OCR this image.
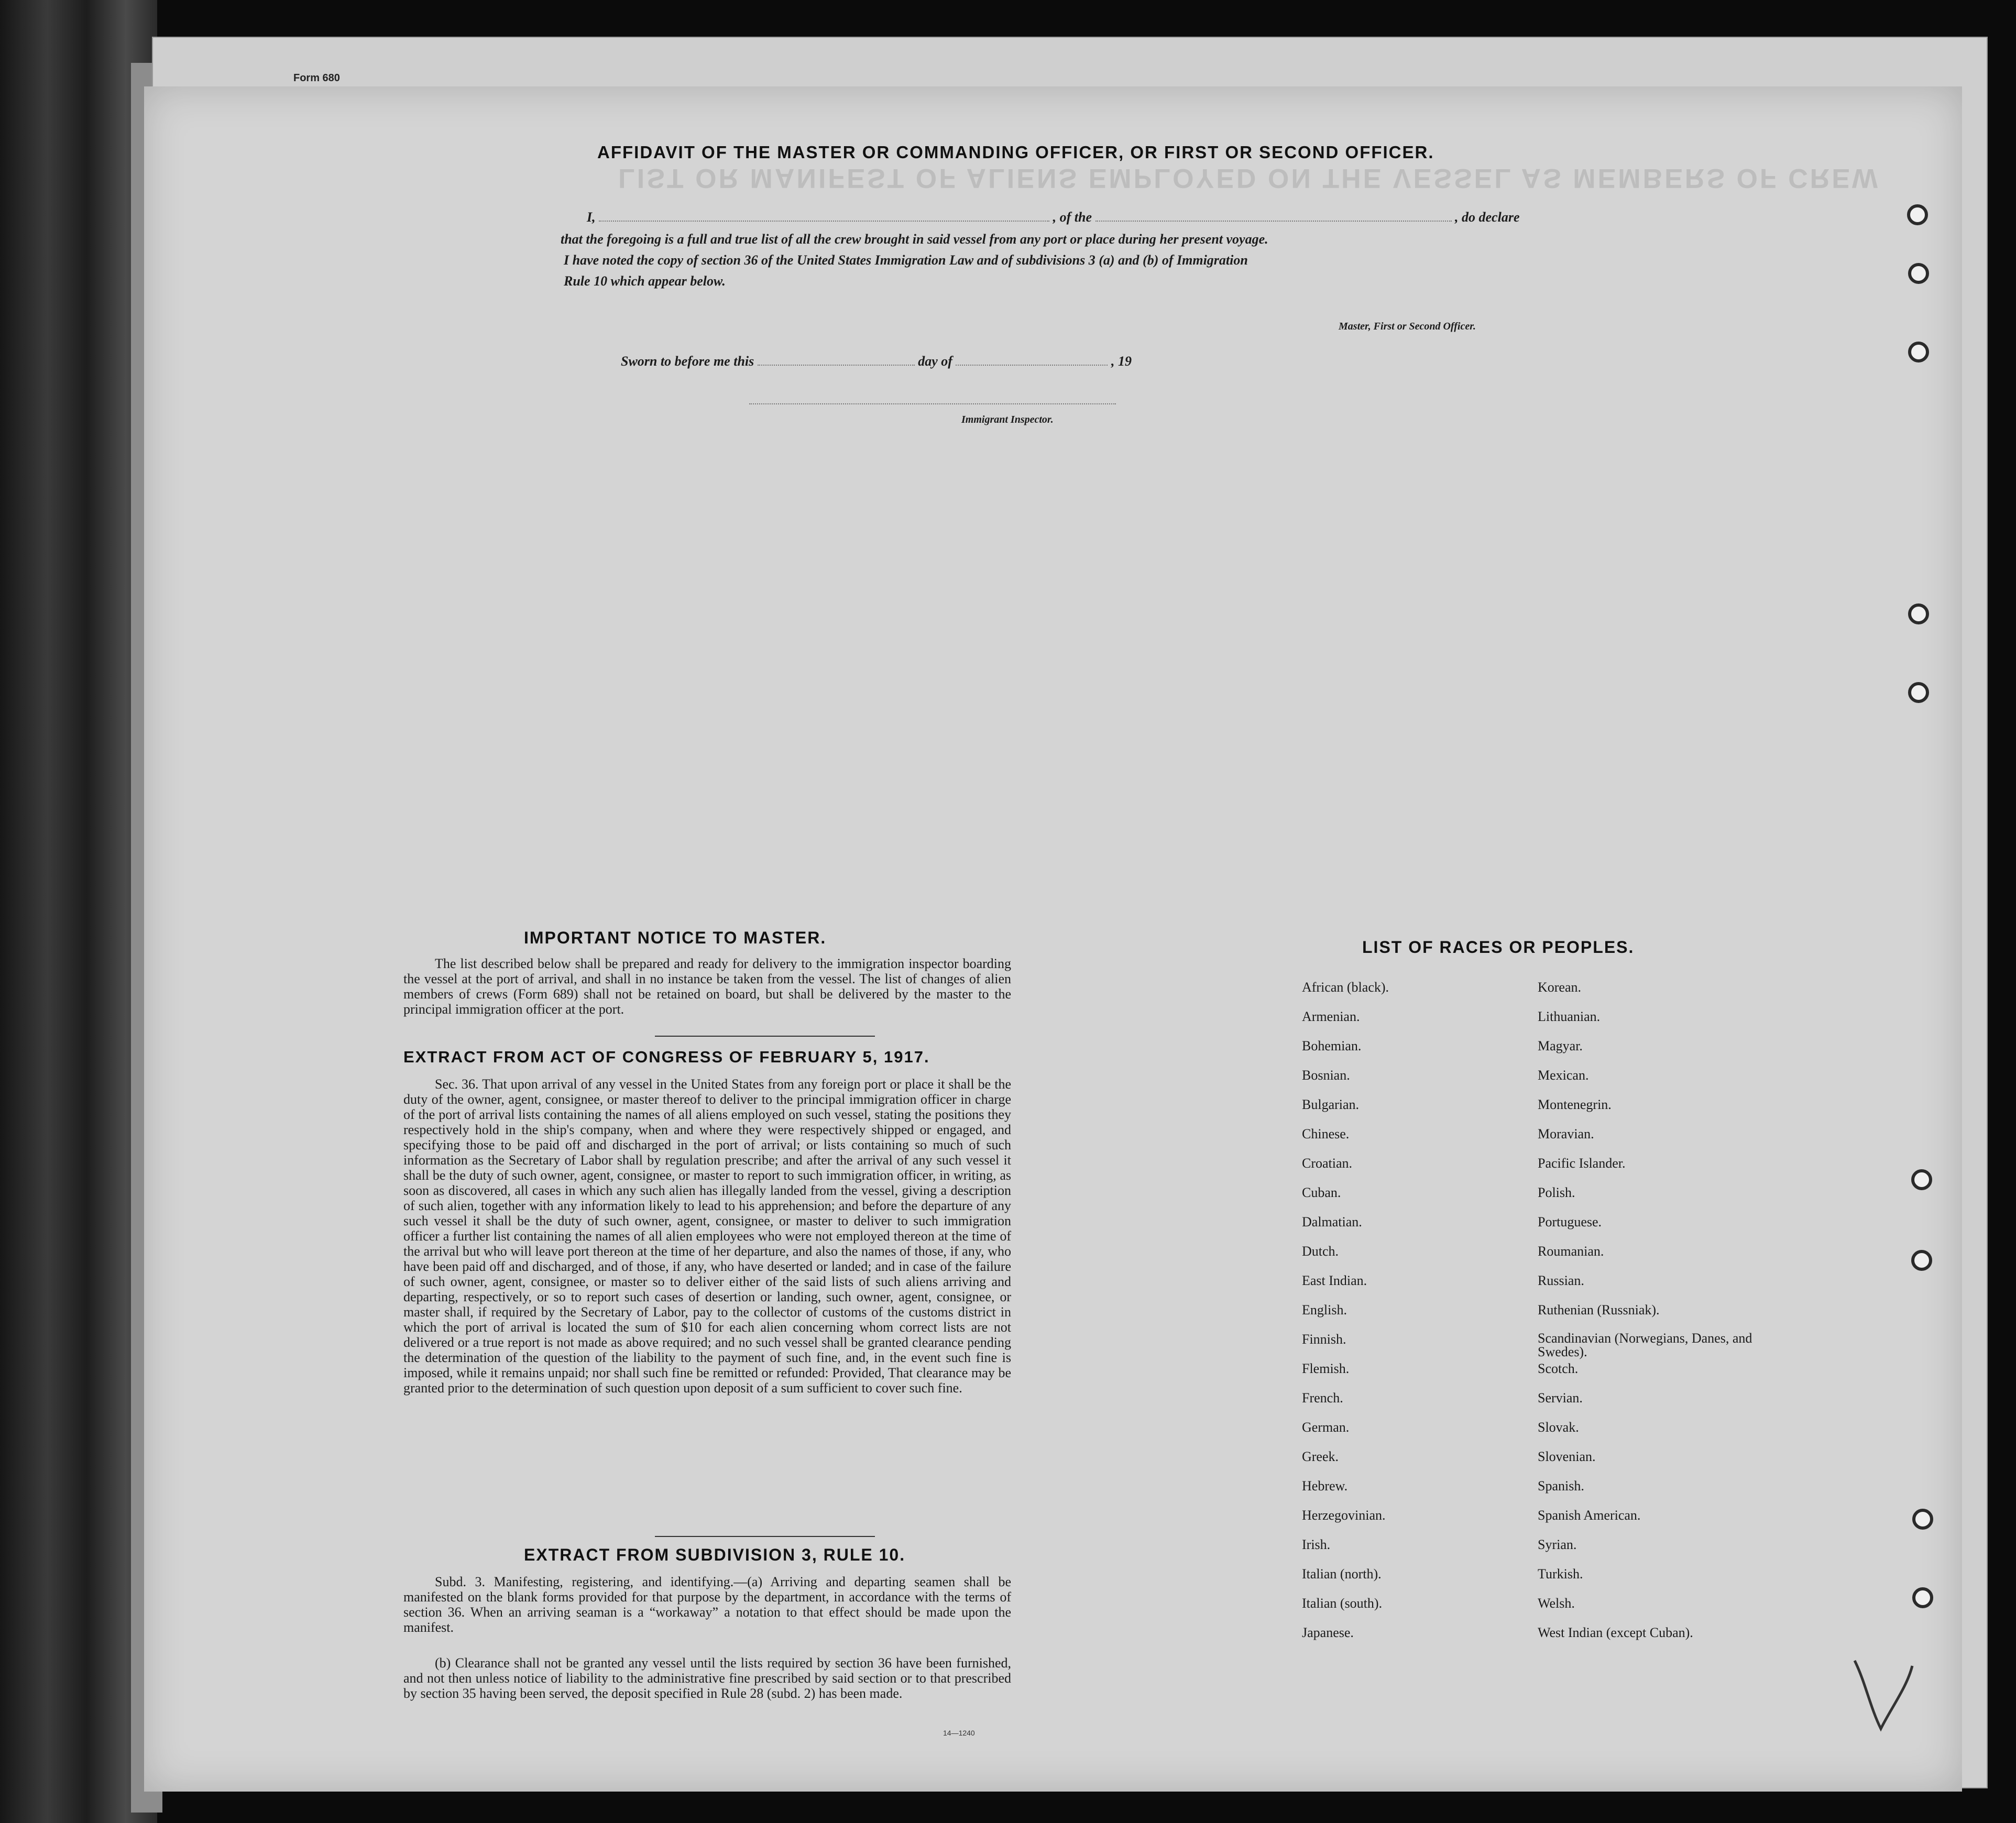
Form 680
AFFIDAVIT OF THE MASTER OR COMMANDING OFFICER, OR FIRST OR SECOND OFFICER.
I,	, of the	, do declare
that the foregoing is a full and true list of all the crew brought in said vessel from any port or place during her present voyage.
I have noted the copy of section 36 of the United States Immigration Law and of subdivisions 3 (a) and (b) of Immigration
Rule 10 which appear below.
Master, First or Second Officer.
Sworn to before me this	day of	, 19
Immigrant Inspector.
LIST OR MANIFEST OF ALIENS EMPLOYED ON THE VESSEL AS MEMBERS OF CREW
IMPORTANT NOTICE TO MASTER.
The list described below shall be prepared and ready for delivery to the immigration inspector boarding the vessel at the port of arrival, and shall in no instance be taken from the vessel. The list of changes of alien members of crews (Form 689) shall not be retained on board, but shall be delivered by the master to the principal immigration officer at the port.
EXTRACT FROM ACT OF CONGRESS OF FEBRUARY 5, 1917.
Sec. 36. That upon arrival of any vessel in the United States from any foreign port or place it shall be the duty of the owner, agent, consignee, or master thereof to deliver to the principal immigration officer in charge of the port of arrival lists containing the names of all aliens employed on such vessel, stating the positions they respectively hold in the ship's company, when and where they were respectively shipped or engaged, and specifying those to be paid off and discharged in the port of arrival; or lists containing so much of such information as the Secretary of Labor shall by regulation prescribe; and after the arrival of any such vessel it shall be the duty of such owner, agent, consignee, or master to report to such immigration officer, in writing, as soon as discovered, all cases in which any such alien has illegally landed from the vessel, giving a description of such alien, together with any information likely to lead to his apprehension; and before the departure of any such vessel it shall be the duty of such owner, agent, consignee, or master to deliver to such immigration officer a further list containing the names of all alien employees who were not employed thereon at the time of the arrival but who will leave port thereon at the time of her departure, and also the names of those, if any, who have been paid off and discharged, and of those, if any, who have deserted or landed; and in case of the failure of such owner, agent, consignee, or master so to deliver either of the said lists of such aliens arriving and departing, respectively, or so to report such cases of desertion or landing, such owner, agent, consignee, or master shall, if required by the Secretary of Labor, pay to the collector of customs of the customs district in which the port of arrival is located the sum of $10 for each alien concerning whom correct lists are not delivered or a true report is not made as above required; and no such vessel shall be granted clearance pending the determination of the question of the liability to the payment of such fine, and, in the event such fine is imposed, while it remains unpaid; nor shall such fine be remitted or refunded: Provided, That clearance may be granted prior to the determination of such question upon deposit of a sum sufficient to cover such fine.
EXTRACT FROM SUBDIVISION 3, RULE 10.
Subd. 3. Manifesting, registering, and identifying.—(a) Arriving and departing seamen shall be manifested on the blank forms provided for that purpose by the department, in accordance with the terms of section 36. When an arriving seaman is a “workaway” a notation to that effect should be made upon the manifest.
(b) Clearance shall not be granted any vessel until the lists required by section 36 have been furnished, and not then unless notice of liability to the administrative fine prescribed by said section or to that prescribed by section 35 having been served, the deposit specified in Rule 28 (subd. 2) has been made.
14—1240
LIST OF RACES OR PEOPLES.
African (black).
Armenian.
Bohemian.
Bosnian.
Bulgarian.
Chinese.
Croatian.
Cuban.
Dalmatian.
Dutch.
East Indian.
English.
Finnish.
Flemish.
French.
German.
Greek.
Hebrew.
Herzegovinian.
Irish.
Italian (north).
Italian (south).
Japanese.
Korean.
Lithuanian.
Magyar.
Mexican.
Montenegrin.
Moravian.
Pacific Islander.
Polish.
Portuguese.
Roumanian.
Russian.
Ruthenian (Russniak).
Scandinavian (Norwegians, Danes, and Swedes).
Scotch.
Servian.
Slovak.
Slovenian.
Spanish.
Spanish American.
Syrian.
Turkish.
Welsh.
West Indian (except Cuban).
